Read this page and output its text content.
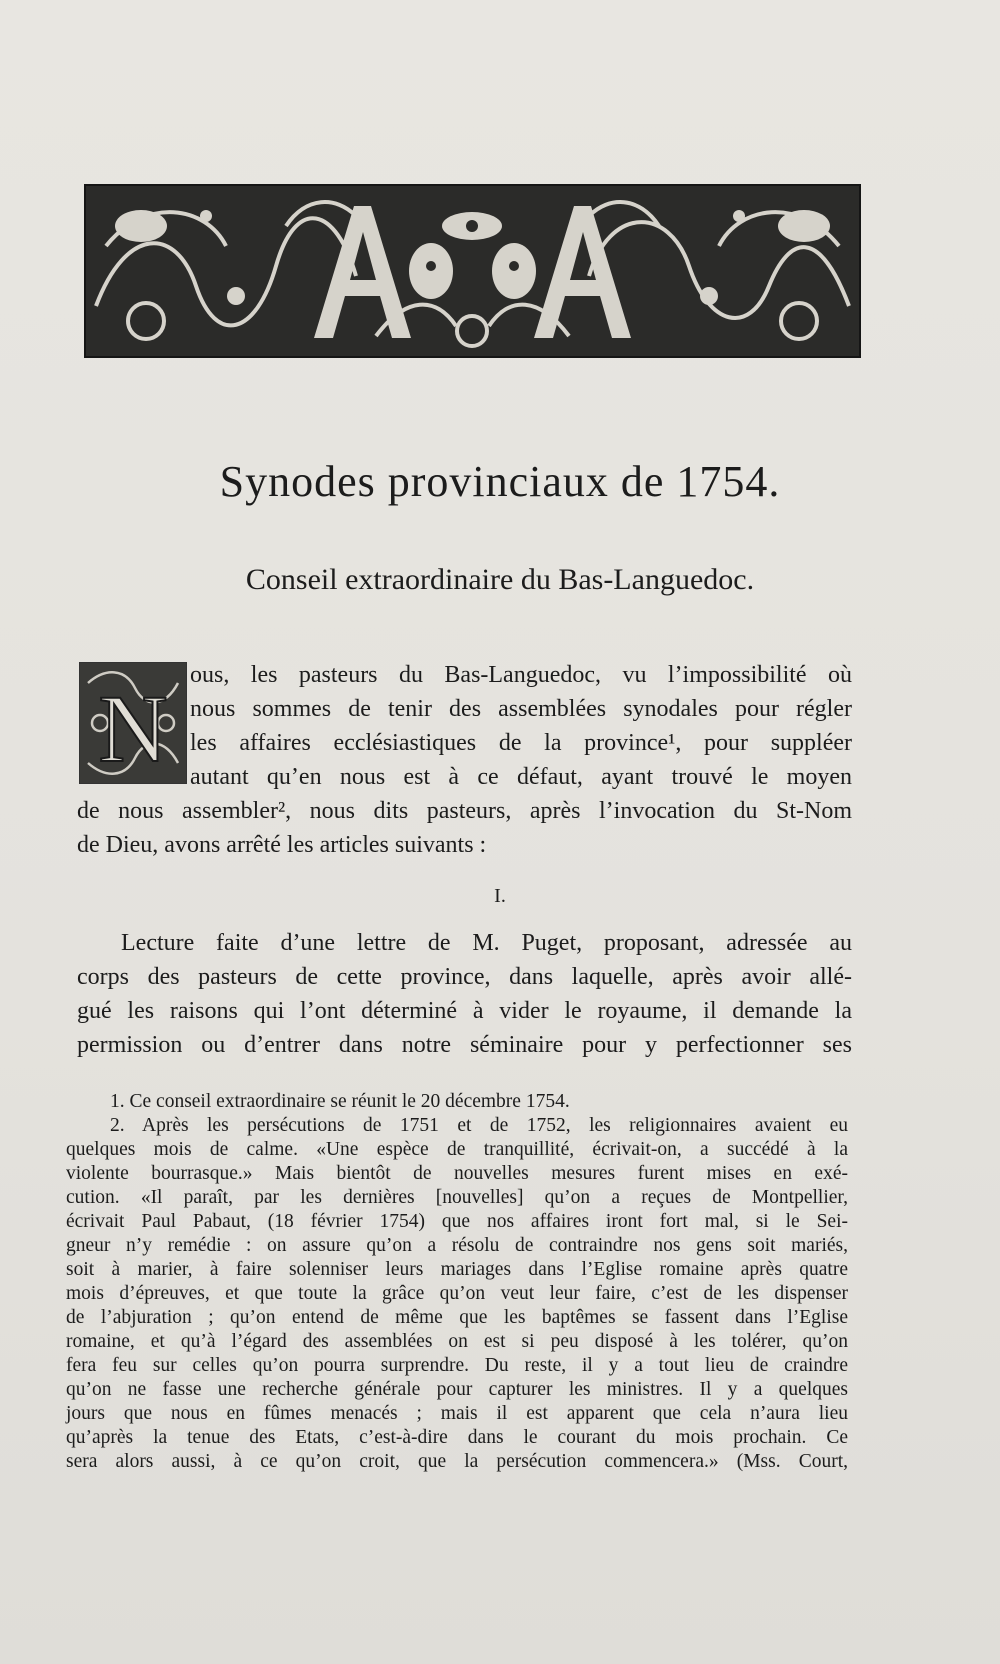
Synodes provinciaux de 1754.
Conseil extraordinaire du Bas-Languedoc.
N ous, les pasteurs du Bas-Languedoc, vu l’impossibilité où
nous sommes de tenir des assemblées synodales pour régler
les affaires ecclésiastiques de la province¹, pour suppléer
autant qu’en nous est à ce défaut, ayant trouvé le moyen
de nous assembler², nous dits pasteurs, après l’invocation du St-Nom
de Dieu, avons arrêté les articles suivants :
I.
Lecture faite d’une lettre de M. Puget, proposant, adressée au
corps des pasteurs de cette province, dans laquelle, après avoir allé-
gué les raisons qui l’ont déterminé à vider le royaume, il demande la
permission ou d’entrer dans notre séminaire pour y perfectionner ses
1. Ce conseil extraordinaire se réunit le 20 décembre 1754.
2. Après les persécutions de 1751 et de 1752, les religionnaires avaient eu
quelques mois de calme. «Une espèce de tranquillité, écrivait-on, a succédé à la
violente bourrasque.» Mais bientôt de nouvelles mesures furent mises en exé-
cution. «Il paraît, par les dernières [nouvelles] qu’on a reçues de Montpellier,
écrivait Paul Pabaut, (18 février 1754) que nos affaires iront fort mal, si le Sei-
gneur n’y remédie : on assure qu’on a résolu de contraindre nos gens soit mariés,
soit à marier, à faire solenniser leurs mariages dans l’Eglise romaine après quatre
mois d’épreuves, et que toute la grâce qu’on veut leur faire, c’est de les dispenser
de l’abjuration ; qu’on entend de même que les baptêmes se fassent dans l’Eglise
romaine, et qu’à l’égard des assemblées on est si peu disposé à les tolérer, qu’on
fera feu sur celles qu’on pourra surprendre. Du reste, il y a tout lieu de craindre
qu’on ne fasse une recherche générale pour capturer les ministres. Il y a quelques
jours que nous en fûmes menacés ; mais il est apparent que cela n’aura lieu
qu’après la tenue des Etats, c’est-à-dire dans le courant du mois prochain. Ce
sera alors aussi, à ce qu’on croit, que la persécution commencera.» (Mss. Court,
